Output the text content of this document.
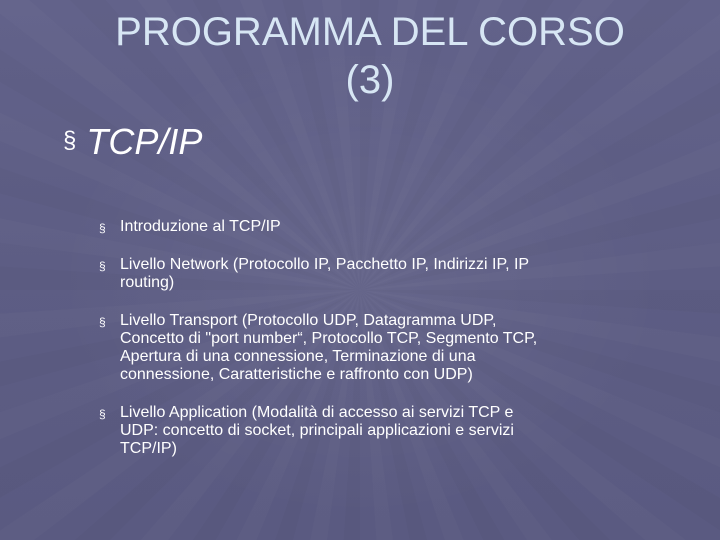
PROGRAMMA DEL CORSO
(3)
§ TCP/IP
§ Introduzione al TCP/IP
§ Livello Network (Protocollo IP, Pacchetto IP, Indirizzi IP, IP
routing)
§ Livello Transport (Protocollo UDP, Datagramma UDP,
Concetto di "port number“, Protocollo TCP, Segmento TCP,
Apertura di una connessione, Terminazione di una
connessione, Caratteristiche e raffronto con UDP)
§ Livello Application (Modalità di accesso ai servizi TCP e
UDP: concetto di socket, principali applicazioni e servizi
TCP/IP)
